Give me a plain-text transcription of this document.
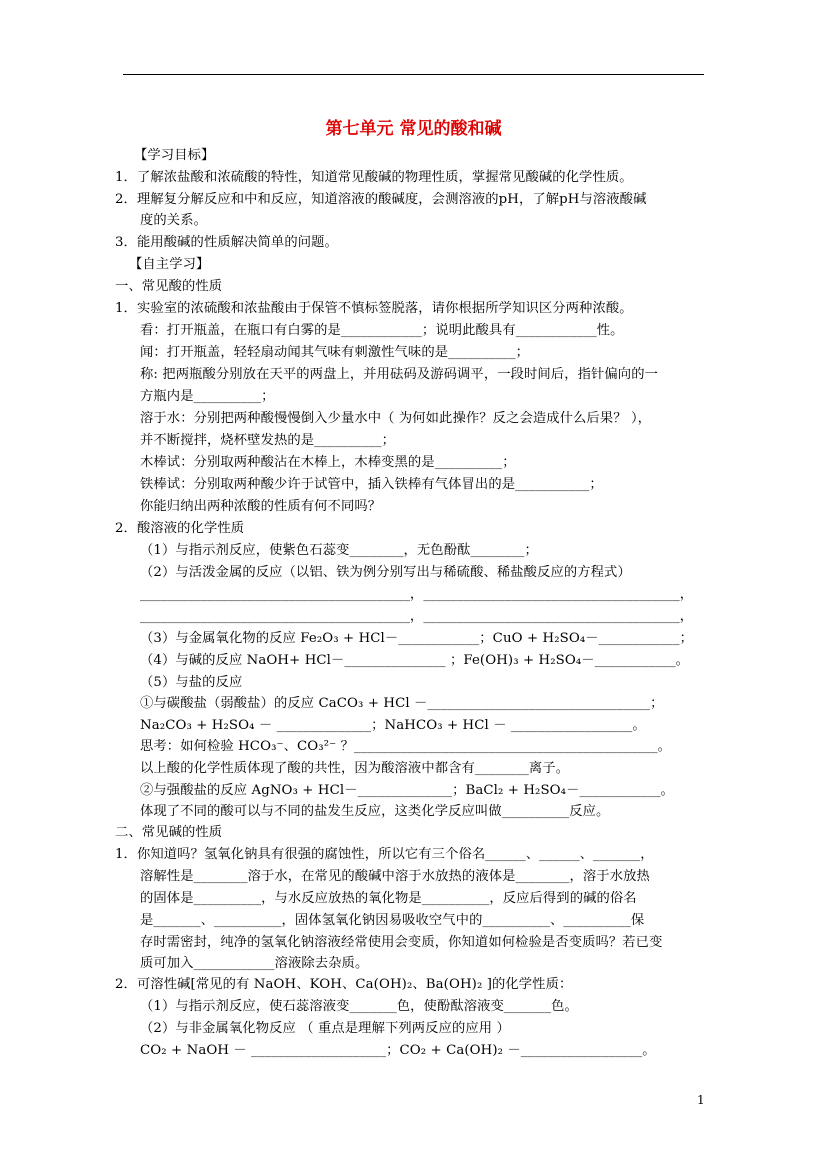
第七单元 常见的酸和碱
【学习目标】
1．了解浓盐酸和浓硫酸的特性，知道常见酸碱的物理性质，掌握常见酸碱的化学性质。
2．理解复分解反应和中和反应，知道溶液的酸碱度，会测溶液的pH，了解pH与溶液酸碱
度的关系。
3．能用酸碱的性质解决简单的问题。
【自主学习】
一、常见酸的性质
1．实验室的浓硫酸和浓盐酸由于保管不慎标签脱落，请你根据所学知识区分两种浓酸。
看：打开瓶盖，在瓶口有白雾的是____________；说明此酸具有____________性。
闻：打开瓶盖，轻轻扇动闻其气味有刺激性气味的是__________；
称: 把两瓶酸分别放在天平的两盘上，并用砝码及游码调平，一段时间后，指针偏向的一
方瓶内是__________；
溶于水：分别把两种酸慢慢倒入少量水中（ 为何如此操作？反之会造成什么后果？ ），
并不断搅拌，烧杯壁发热的是__________；
木棒试：分别取两种酸沾在木棒上，木棒变黑的是__________；
铁棒试：分别取两种酸少许于试管中，插入铁棒有气体冒出的是___________；
你能归纳出两种浓酸的性质有何不同吗？
2．酸溶液的化学性质
（1）与指示剂反应，使紫色石蕊变________，无色酚酞________；
（2）与活泼金属的反应（以铝、铁为例分别写出与稀硫酸、稀盐酸反应的方程式）
________________________________________，______________________________________，
________________________________________，______________________________________，
（3）与金属氧化物的反应 Fe₂O₃ + HCl－____________；CuO + H₂SO₄－____________；
（4）与碱的反应 NaOH+ HCl－_______________ ；Fe(OH)₃ + H₂SO₄－____________。
（5）与盐的反应
①与碳酸盐（弱酸盐）的反应 CaCO₃ + HCl －_________________________________；
Na₂CO₃ + H₂SO₄ － ______________；NaHCO₃ + HCl － __________________。
思考：如何检验 HCO₃⁻、CO₃²⁻ ？_____________________________________________。
以上酸的化学性质体现了酸的共性，因为酸溶液中都含有________离子。
②与强酸盐的反应 AgNO₃ + HCl－______________；BaCl₂ + H₂SO₄－____________。
体现了不同的酸可以与不同的盐发生反应，这类化学反应叫做__________反应。
二、常见碱的性质
1．你知道吗？氢氧化钠具有很强的腐蚀性，所以它有三个俗名______、______、_______，
溶解性是________溶于水，在常见的酸碱中溶于水放热的液体是________，溶于水放热
的固体是__________，与水反应放热的氧化物是__________，反应后得到的碱的俗名
是_______、__________，固体氢氧化钠因易吸收空气中的__________、__________保
存时需密封，纯净的氢氧化钠溶液经常使用会变质，你知道如何检验是否变质吗？若已变
质可加入____________溶液除去杂质。
2．可溶性碱[常见的有 NaOH、KOH、Ca(OH)₂、Ba(OH)₂ ]的化学性质：
（1）与指示剂反应，使石蕊溶液变_______色，使酚酞溶液变_______色。
（2）与非金属氧化物反应 （ 重点是理解下列两反应的应用 ）
CO₂ + NaOH － ____________________；CO₂ + Ca(OH)₂ －__________________。
1
